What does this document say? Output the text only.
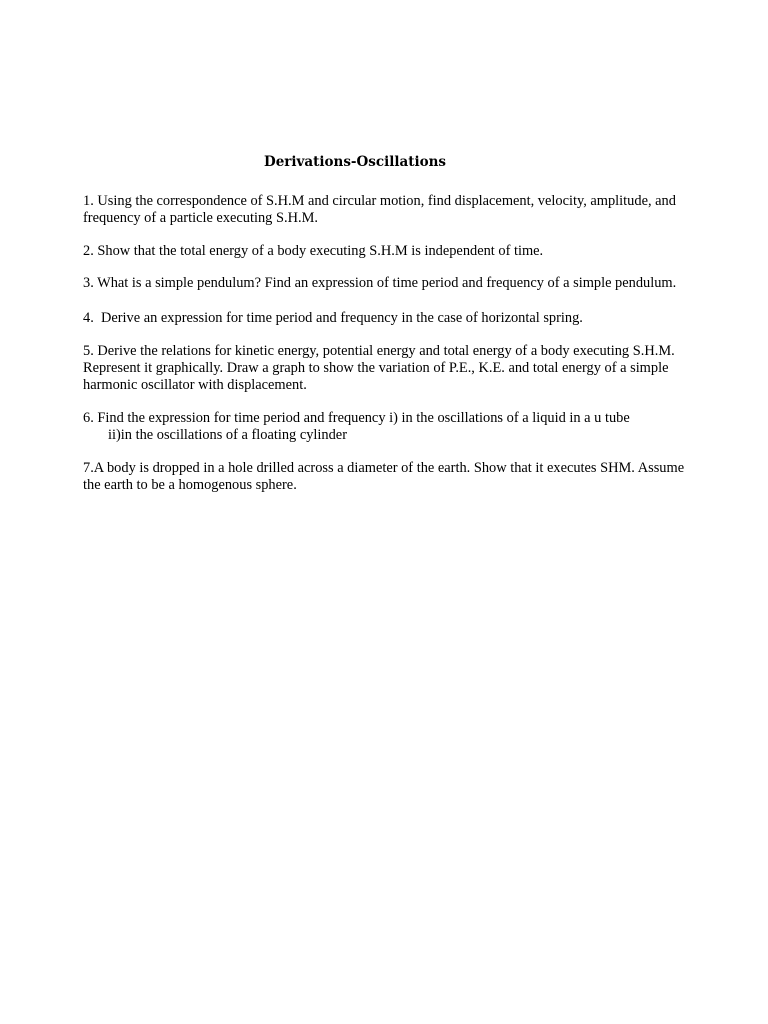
Derivations-Oscillations
1. Using the correspondence of S.H.M and circular motion, find displacement, velocity, amplitude, and
frequency of a particle executing S.H.M.
2. Show that the total energy of a body executing S.H.M is independent of time.
3. What is a simple pendulum? Find an expression of time period and frequency of a simple pendulum.
4.  Derive an expression for time period and frequency in the case of horizontal spring.
5. Derive the relations for kinetic energy, potential energy and total energy of a body executing S.H.M.
Represent it graphically. Draw a graph to show the variation of P.E., K.E. and total energy of a simple
harmonic oscillator with displacement.
6. Find the expression for time period and frequency i) in the oscillations of a liquid in a u tube
ii)in the oscillations of a floating cylinder
7.A body is dropped in a hole drilled across a diameter of the earth. Show that it executes SHM. Assume
the earth to be a homogenous sphere.
